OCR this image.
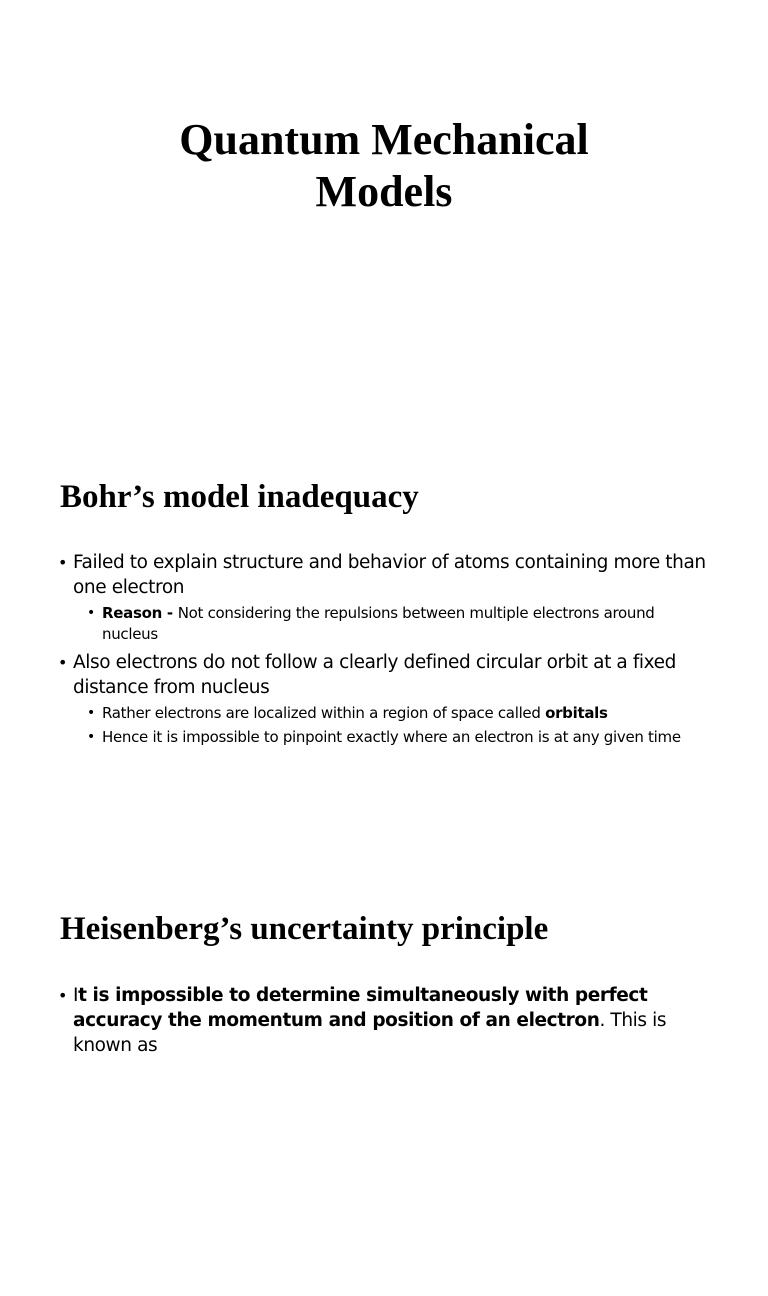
Quantum Mechanical
Models
Bohr’s model inadequacy
• Failed to explain structure and behavior of atoms containing more than one electron
• Reason - Not considering the repulsions between multiple electrons around nucleus
• Also electrons do not follow a clearly defined circular orbit at a fixed distance from nucleus
• Rather electrons are localized within a region of space called orbitals
• Hence it is impossible to pinpoint exactly where an electron is at any given time
Heisenberg’s uncertainty principle
• It is impossible to determine simultaneously with perfect accuracy the momentum and position of an electron. This is known as
